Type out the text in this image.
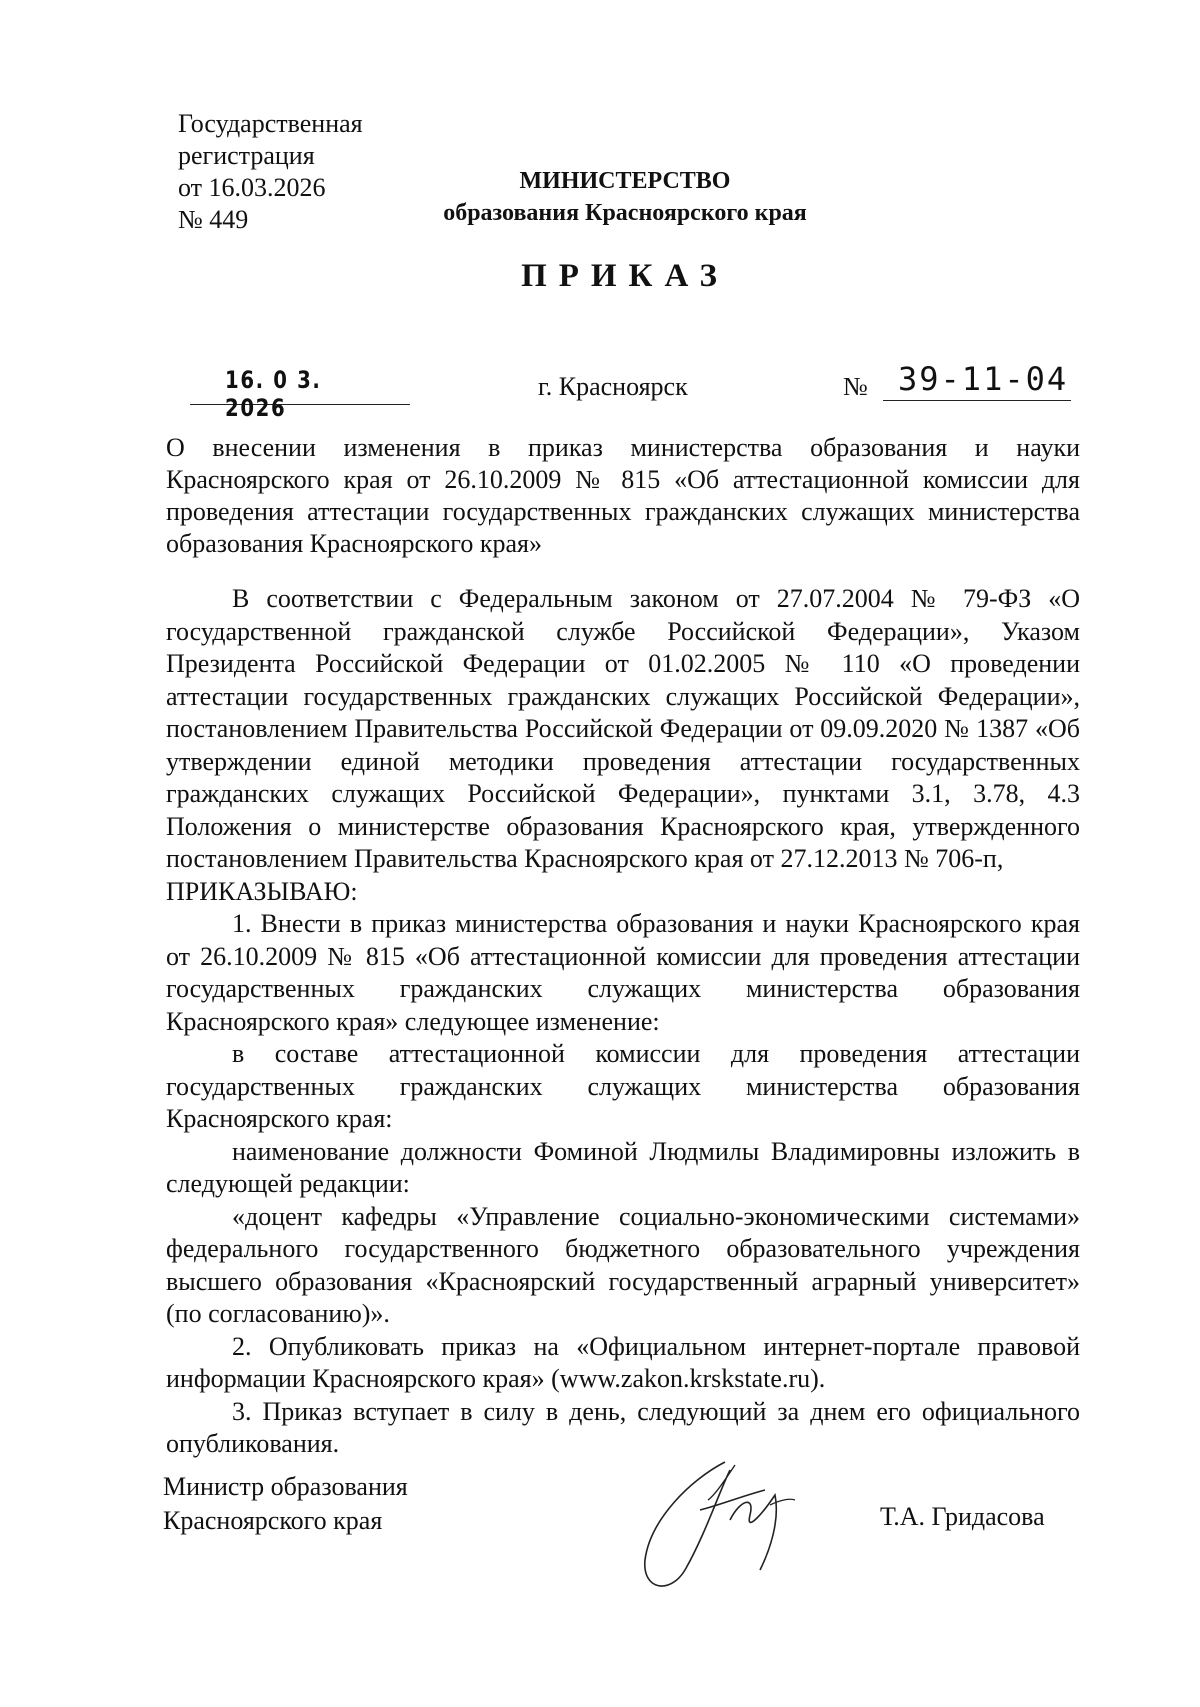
Государственная
регистрация
от 16.03.2026
№ 449
МИНИСТЕРСТВО
образования Красноярского края
ПРИКАЗ
16. 0 3. 2026
г. Красноярск	№ 39-11-04
О внесении изменения в приказ министерства образования и науки Красноярского края от 26.10.2009 № 815 «Об аттестационной комиссии для проведения аттестации государственных гражданских служащих министерства образования Красноярского края»

В соответствии с Федеральным законом от 27.07.2004 № 79-ФЗ «О государственной гражданской службе Российской Федерации», Указом Президента Российской Федерации от 01.02.2005 № 110 «О проведении аттестации государственных гражданских служащих Российской Федерации», постановлением Правительства Российской Федерации от 09.09.2020 № 1387 «Об утверждении единой методики проведения аттестации государственных гражданских служащих Российской Федерации», пунктами 3.1, 3.78, 4.3 Положения о министерстве образования Красноярского края, утвержденного постановлением Правительства Красноярского края от 27.12.2013 № 706-п,

ПРИКАЗЫВАЮ:

1. Внести в приказ министерства образования и науки Красноярского края от 26.10.2009 № 815 «Об аттестационной комиссии для проведения аттестации государственных гражданских служащих министерства образования Красноярского края» следующее изменение:

в составе аттестационной комиссии для проведения аттестации государственных гражданских служащих министерства образования Красноярского края:

наименование должности Фоминой Людмилы Владимировны изложить в следующей редакции:

«доцент кафедры «Управление социально-экономическими системами» федерального государственного бюджетного образовательного учреждения высшего образования «Красноярский государственный аграрный университет» (по согласованию)».

2. Опубликовать приказ на «Официальном интернет-портале правовой информации Красноярского края» (www.zakon.krskstate.ru).

3. Приказ вступает в силу в день, следующий за днем его официального опубликования.

Министр образования
Красноярского края	Т.А. Гридасова
